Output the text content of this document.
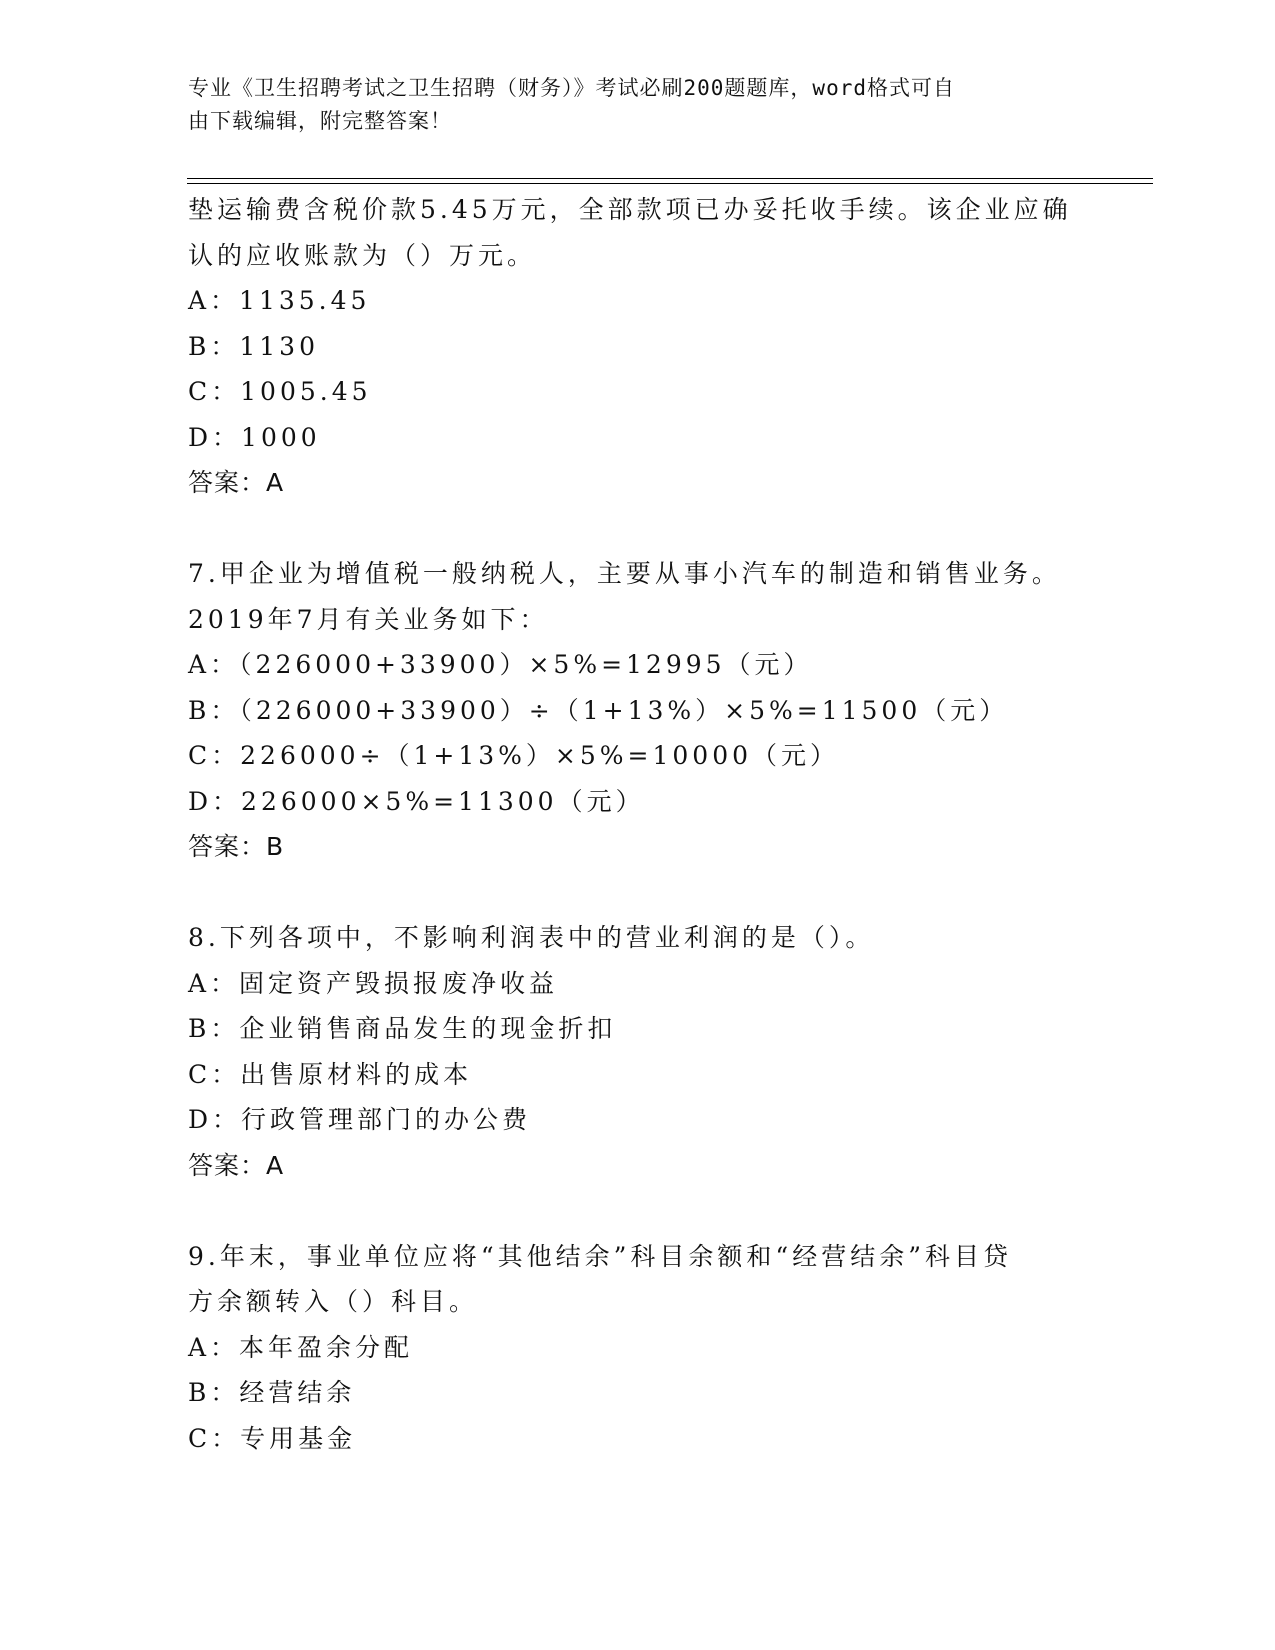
专业《卫生招聘考试之卫生招聘（财务）》考试必刷200题题库，word格式可自
由下载编辑，附完整答案！
垫运输费含税价款5.45万元，全部款项已办妥托收手续。该企业应确
认的应收账款为（）万元。
A：1135.45
B：1130
C：1005.45
D：1000
答案：A
7.甲企业为增值税一般纳税人，主要从事小汽车的制造和销售业务。
2019年7月有关业务如下：
A：（226000+33900）×5%=12995（元）
B：（226000+33900）÷（1+13%）×5%=11500（元）
C：226000÷（1+13%）×5%=10000（元）
D：226000×5%=11300（元）
答案：B
8.下列各项中，不影响利润表中的营业利润的是（）。
A：固定资产毁损报废净收益
B：企业销售商品发生的现金折扣
C：出售原材料的成本
D：行政管理部门的办公费
答案：A
9.年末，事业单位应将“其他结余”科目余额和“经营结余”科目贷
方余额转入（）科目。
A：本年盈余分配
B：经营结余
C：专用基金
